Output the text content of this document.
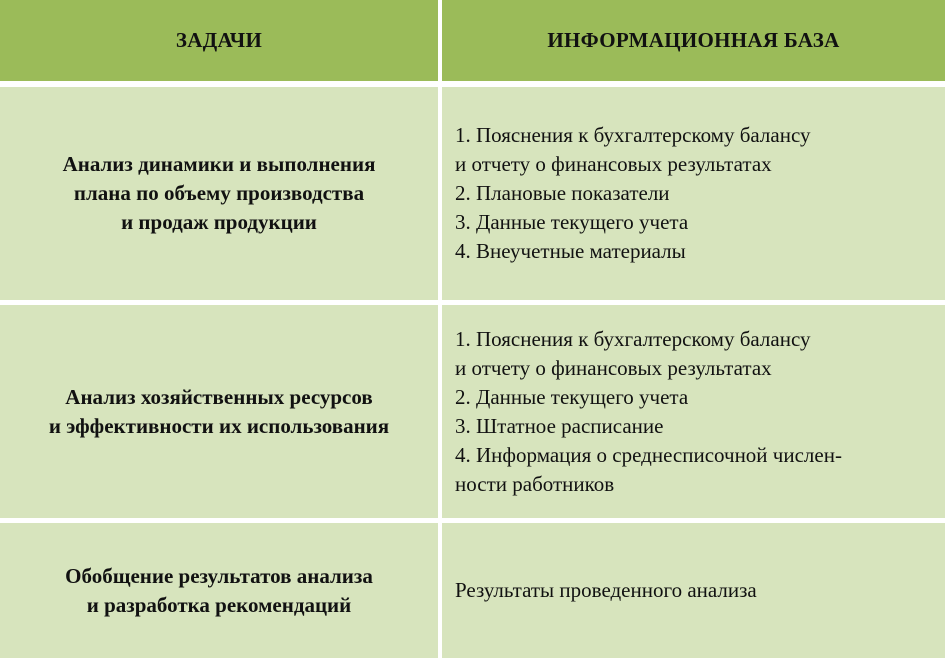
ЗАДАЧИ	ИНФОРМАЦИОННАЯ БАЗА
Анализ динамики и выполнения
плана по объему производства
и продаж продукции
1. Пояснения к бухгалтерскому балансу
и отчету о финансовых результатах
2. Плановые показатели
3. Данные текущего учета
4. Внеучетные материалы
Анализ хозяйственных ресурсов
и эффективности их использования
1. Пояснения к бухгалтерскому балансу
и отчету о финансовых результатах
2. Данные текущего учета
3. Штатное расписание
4. Информация о среднесписочной числен-
ности работников
Обобщение результатов анализа
и разработка рекомендаций
Результаты проведенного анализа
